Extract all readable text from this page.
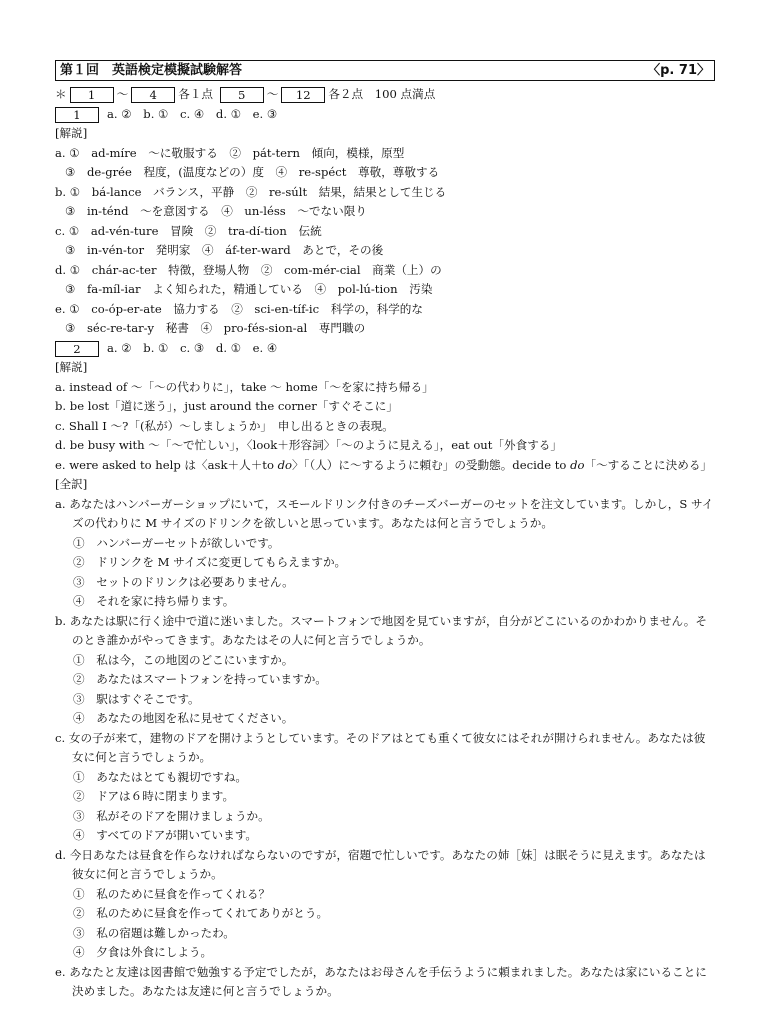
第１回　英語検定模擬試験解答	〈p. 71〉
＊ 1 ～ 4 各１点 5 ～ 12 各２点　100 点満点
1 a. ②　b. ①　c. ④　d. ①　e. ③
[解説]
a. ①　ad-míre　～に敬服する　②　pát-tern　傾向，模様，原型
③　de-grée　程度，(温度などの）度　④　re-spéct　尊敬，尊敬する
b. ①　bá-lance　バランス，平静　②　re-súlt　結果，結果として生じる
③　in-ténd　～を意図する　④　un-léss　～でない限り
c. ①　ad-vén-ture　冒険　②　tra-dí-tion　伝統
③　in-vén-tor　発明家　④　áf-ter-ward　あとで，その後
d. ①　chár-ac-ter　特徴，登場人物　②　com-mér-cial　商業（上）の
③　fa-míl-iar　よく知られた，精通している　④　pol-lú-tion　汚染
e. ①　co-óp-er-ate　協力する　②　sci-en-tíf-ic　科学の，科学的な
③　séc-re-tar-y　秘書　④　pro-fés-sion-al　専門職の
2 a. ②　b. ①　c. ③　d. ①　e. ④
[解説]
a. instead of ～「～の代わりに」，take ～ home「～を家に持ち帰る」
b. be lost「道に迷う」，just around the corner「すぐそこに」
c. Shall I ～?「(私が）～しましょうか」　申し出るときの表現。
d. be busy with ～「～で忙しい」，〈look＋形容詞〉「～のように見える」，eat out「外食する」
e. were asked to help は〈ask＋人＋to do〉「（人）に～するように頼む」の受動態。decide to do「～することに決める」
[全訳]
a. あなたはハンバーガーショップにいて，スモールドリンク付きのチーズバーガーのセットを注文しています。しかし，S サイズの代わりに M サイズのドリンクを欲しいと思っています。あなたは何と言うでしょうか。
①　ハンバーガーセットが欲しいです。
②　ドリンクを M サイズに変更してもらえますか。
③　セットのドリンクは必要ありません。
④　それを家に持ち帰ります。
b. あなたは駅に行く途中で道に迷いました。スマートフォンで地図を見ていますが，自分がどこにいるのかわかりません。そのとき誰かがやってきます。あなたはその人に何と言うでしょうか。
①　私は今，この地図のどこにいますか。
②　あなたはスマートフォンを持っていますか。
③　駅はすぐそこです。
④　あなたの地図を私に見せてください。
c. 女の子が来て，建物のドアを開けようとしています。そのドアはとても重くて彼女にはそれが開けられません。あなたは彼女に何と言うでしょうか。
①　あなたはとても親切ですね。
②　ドアは６時に閉まります。
③　私がそのドアを開けましょうか。
④　すべてのドアが開いています。
d. 今日あなたは昼食を作らなければならないのですが，宿題で忙しいです。あなたの姉［妹］は眠そうに見えます。あなたは彼女に何と言うでしょうか。
①　私のために昼食を作ってくれる？
②　私のために昼食を作ってくれてありがとう。
③　私の宿題は難しかったわ。
④　夕食は外食にしよう。
e. あなたと友達は図書館で勉強する予定でしたが，あなたはお母さんを手伝うように頼まれました。あなたは家にいることに決めました。あなたは友達に何と言うでしょうか。
